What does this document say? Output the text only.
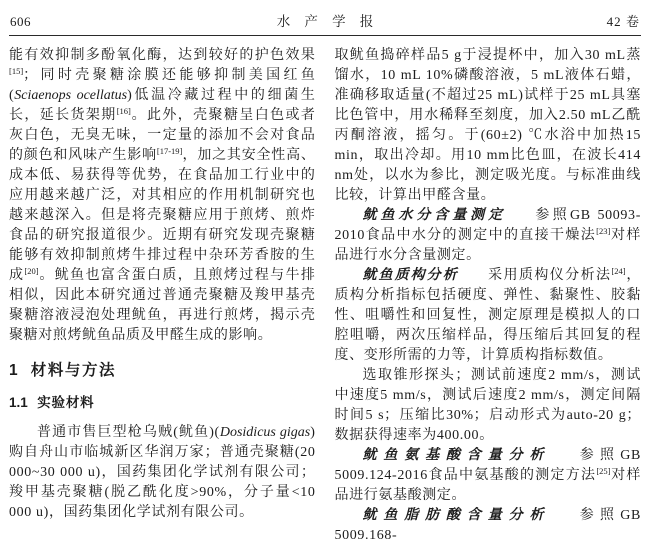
606	水产学报	42 卷

能有效抑制多酚氧化酶，达到较好的护色效果[15]；同时壳聚糖涂膜还能够抑制美国红鱼(Sciaenops ocellatus)低温冷藏过程中的细菌生长，延长货架期[16]。此外，壳聚糖呈白色或者灰白色，无臭无味，一定量的添加不会对食品的颜色和风味产生影响[17-19]，加之其安全性高、成本低、易获得等优势，在食品加工行业中的应用越来越广泛，对其相应的作用机制研究也越来越深入。但是将壳聚糖应用于煎烤、煎炸食品的研究报道很少。近期有研究发现壳聚糖能够有效抑制煎烤牛排过程中杂环芳香胺的生成[20]。鱿鱼也富含蛋白质，且煎烤过程与牛排相似，因此本研究通过普通壳聚糖及羧甲基壳聚糖溶液浸泡处理鱿鱼，再进行煎烤，揭示壳聚糖对煎烤鱿鱼品质及甲醛生成的影响。

1 材料与方法
1.1 实验材料

普通市售巨型枪乌贼(鱿鱼)(Dosidicus gigas)购自舟山市临城新区华润万家；普通壳聚糖(20 000~30 000 u)，国药集团化学试剂有限公司；羧甲基壳聚糖(脱乙酰化度>90%，分子量<10 000 u)，国药集团化学试剂有限公司。

取鱿鱼捣碎样品5 g于浸提杯中，加入30 mL蒸馏水，10 mL 10%磷酸溶液，5 mL液体石蜡，准确移取适量(不超过25 mL)试样于25 mL具塞比色管中，用水稀释至刻度，加入2.50 mL乙酰丙酮溶液，摇匀。于(60±2) ℃水浴中加热15 min，取出冷却。用10 mm比色皿，在波长414 nm处，以水为参比，测定吸光度。与标准曲线比较，计算出甲醛含量。

鱿鱼水分含量测定 参照GB 50093-2010食品中水分的测定中的直接干燥法[23]对样品进行水分含量测定。

鱿鱼质构分析 采用质构仪分析法[24]，质构分析指标包括硬度、弹性、黏聚性、胶黏性、咀嚼性和回复性，测定原理是模拟人的口腔咀嚼，两次压缩样品，得压缩后其回复的程度、变形所需的力等，计算质构指标数值。

选取锥形探头；测试前速度2 mm/s，测试中速度5 mm/s，测试后速度2 mm/s，测定间隔时间5 s；压缩比30%；启动形式为auto-20 g；数据获得速率为400.00。

鱿鱼氨基酸含量分析 参照GB 5009.124-2016食品中氨基酸的测定方法[25]对样品进行氨基酸测定。

鱿鱼脂肪酸含量分析 参照GB 5009.168-
